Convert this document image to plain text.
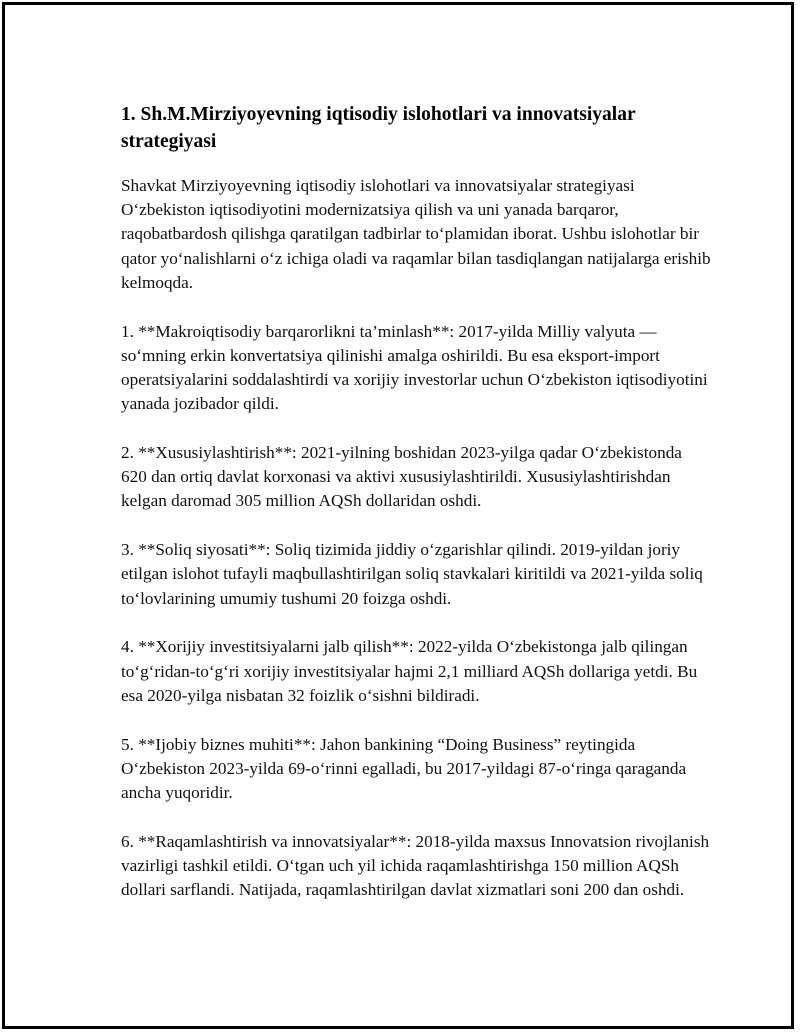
1. Sh.M.Mirziyoyevning iqtisodiy islohotlari va innovatsiyalar strategiyasi

Shavkat Mirziyoyevning iqtisodiy islohotlari va innovatsiyalar strategiyasi O‘zbekiston iqtisodiyotini modernizatsiya qilish va uni yanada barqaror, raqobatbardosh qilishga qaratilgan tadbirlar to‘plamidan iborat. Ushbu islohotlar bir qator yo‘nalishlarni o‘z ichiga oladi va raqamlar bilan tasdiqlangan natijalarga erishib kelmoqda.

1. **Makroiqtisodiy barqarorlikni ta’minlash**: 2017-yilda Milliy valyuta — so‘mning erkin konvertatsiya qilinishi amalga oshirildi. Bu esa eksport-import operatsiyalarini soddalashtirdi va xorijiy investorlar uchun O‘zbekiston iqtisodiyotini yanada jozibador qildi.

2. **Xususiylashtirish**: 2021-yilning boshidan 2023-yilga qadar O‘zbekistonda 620 dan ortiq davlat korxonasi va aktivi xususiylashtirildi. Xususiylashtirishdan kelgan daromad 305 million AQSh dollaridan oshdi.

3. **Soliq siyosati**: Soliq tizimida jiddiy o‘zgarishlar qilindi. 2019-yildan joriy etilgan islohot tufayli maqbullashtirilgan soliq stavkalari kiritildi va 2021-yilda soliq to‘lovlarining umumiy tushumi 20 foizga oshdi.

4. **Xorijiy investitsiyalarni jalb qilish**: 2022-yilda O‘zbekistonga jalb qilingan to‘g‘ridan-to‘g‘ri xorijiy investitsiyalar hajmi 2,1 milliard AQSh dollariga yetdi. Bu esa 2020-yilga nisbatan 32 foizlik o‘sishni bildiradi.

5. **Ijobiy biznes muhiti**: Jahon bankining “Doing Business” reytingida O‘zbekiston 2023-yilda 69-o‘rinni egalladi, bu 2017-yildagi 87-o‘ringa qaraganda ancha yuqoridir.

6. **Raqamlashtirish va innovatsiyalar**: 2018-yilda maxsus Innovatsion rivojlanish vazirligi tashkil etildi. O‘tgan uch yil ichida raqamlashtirishga 150 million AQSh dollari sarflandi. Natijada, raqamlashtirilgan davlat xizmatlari soni 200 dan oshdi.
